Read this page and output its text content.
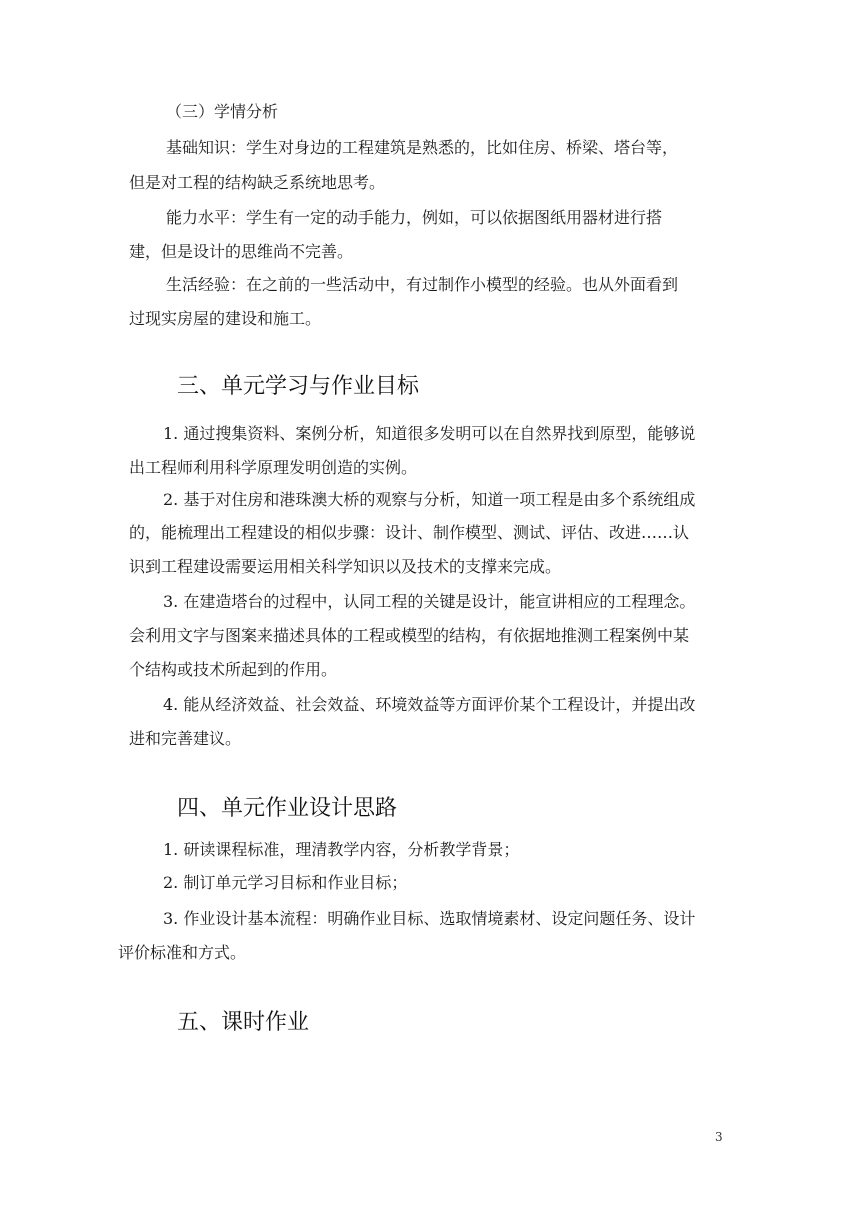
（三）学情分析
基础知识：学生对身边的工程建筑是熟悉的，比如住房、桥梁、塔台等，
但是对工程的结构缺乏系统地思考。
能力水平：学生有一定的动手能力，例如，可以依据图纸用器材进行搭
建，但是设计的思维尚不完善。
生活经验：在之前的一些活动中，有过制作小模型的经验。也从外面看到
过现实房屋的建设和施工。
三、单元学习与作业目标
1. 通过搜集资料、案例分析，知道很多发明可以在自然界找到原型，能够说
出工程师利用科学原理发明创造的实例。
2. 基于对住房和港珠澳大桥的观察与分析，知道一项工程是由多个系统组成
的，能梳理出工程建设的相似步骤：设计、制作模型、测试、评估、改进……认
识到工程建设需要运用相关科学知识以及技术的支撑来完成。
3. 在建造塔台的过程中，认同工程的关键是设计，能宣讲相应的工程理念。
会利用文字与图案来描述具体的工程或模型的结构，有依据地推测工程案例中某
个结构或技术所起到的作用。
4. 能从经济效益、社会效益、环境效益等方面评价某个工程设计，并提出改
进和完善建议。
四、单元作业设计思路
1. 研读课程标准，理清教学内容，分析教学背景；
2. 制订单元学习目标和作业目标；
3. 作业设计基本流程：明确作业目标、选取情境素材、设定问题任务、设计
评价标准和方式。
五、课时作业
3
